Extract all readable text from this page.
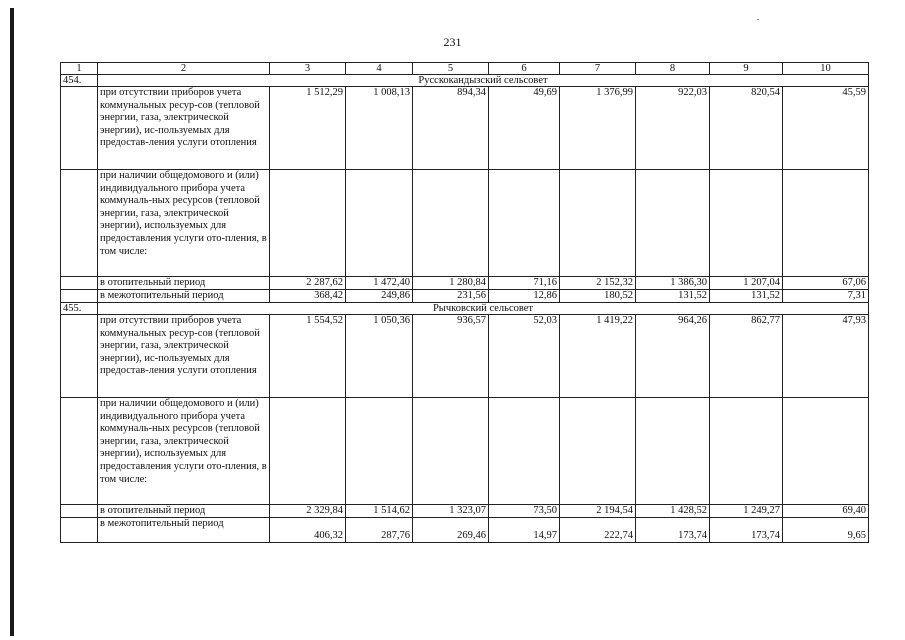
231
1	2	3	4	5	6	7	8	9	10
454.	Русскокандызский сельсовет								
	при отсутствии приборов учета коммунальных ресур-сов (тепловой энергии, газа, электрической энергии), ис-пользуемых для предостав-ления услуги отопления	1 512,29	1 008,13	894,34	49,69	1 376,99	922,03	820,54	45,59
	при наличии общедомового и (или) индивидуального прибора учета коммуналь-ных ресурсов (тепловой энергии, газа, электрической энергии), используемых для предоставления услуги ото-пления, в том числе:								
	в отопительный период	2 287,62	1 472,40	1 280,84	71,16	2 152,32	1 386,30	1 207,04	67,06
	в межотопительный период	368,42	249,86	231,56	12,86	180,52	131,52	131,52	7,31
455.	Рычковский сельсовет								
	при отсутствии приборов учета коммунальных ресур-сов (тепловой энергии, газа, электрической энергии), ис-пользуемых для предостав-ления услуги отопления	1 554,52	1 050,36	936,57	52,03	1 419,22	964,26	862,77	47,93
	при наличии общедомового и (или) индивидуального прибора учета коммуналь-ных ресурсов (тепловой энергии, газа, электрической энергии), используемых для предоставления услуги ото-пления, в том числе:								
	в отопительный период	2 329,84	1 514,62	1 323,07	73,50	2 194,54	1 428,52	1 249,27	69,40
	в межотопительный период	406,32	287,76	269,46	14,97	222,74	173,74	173,74	9,65
